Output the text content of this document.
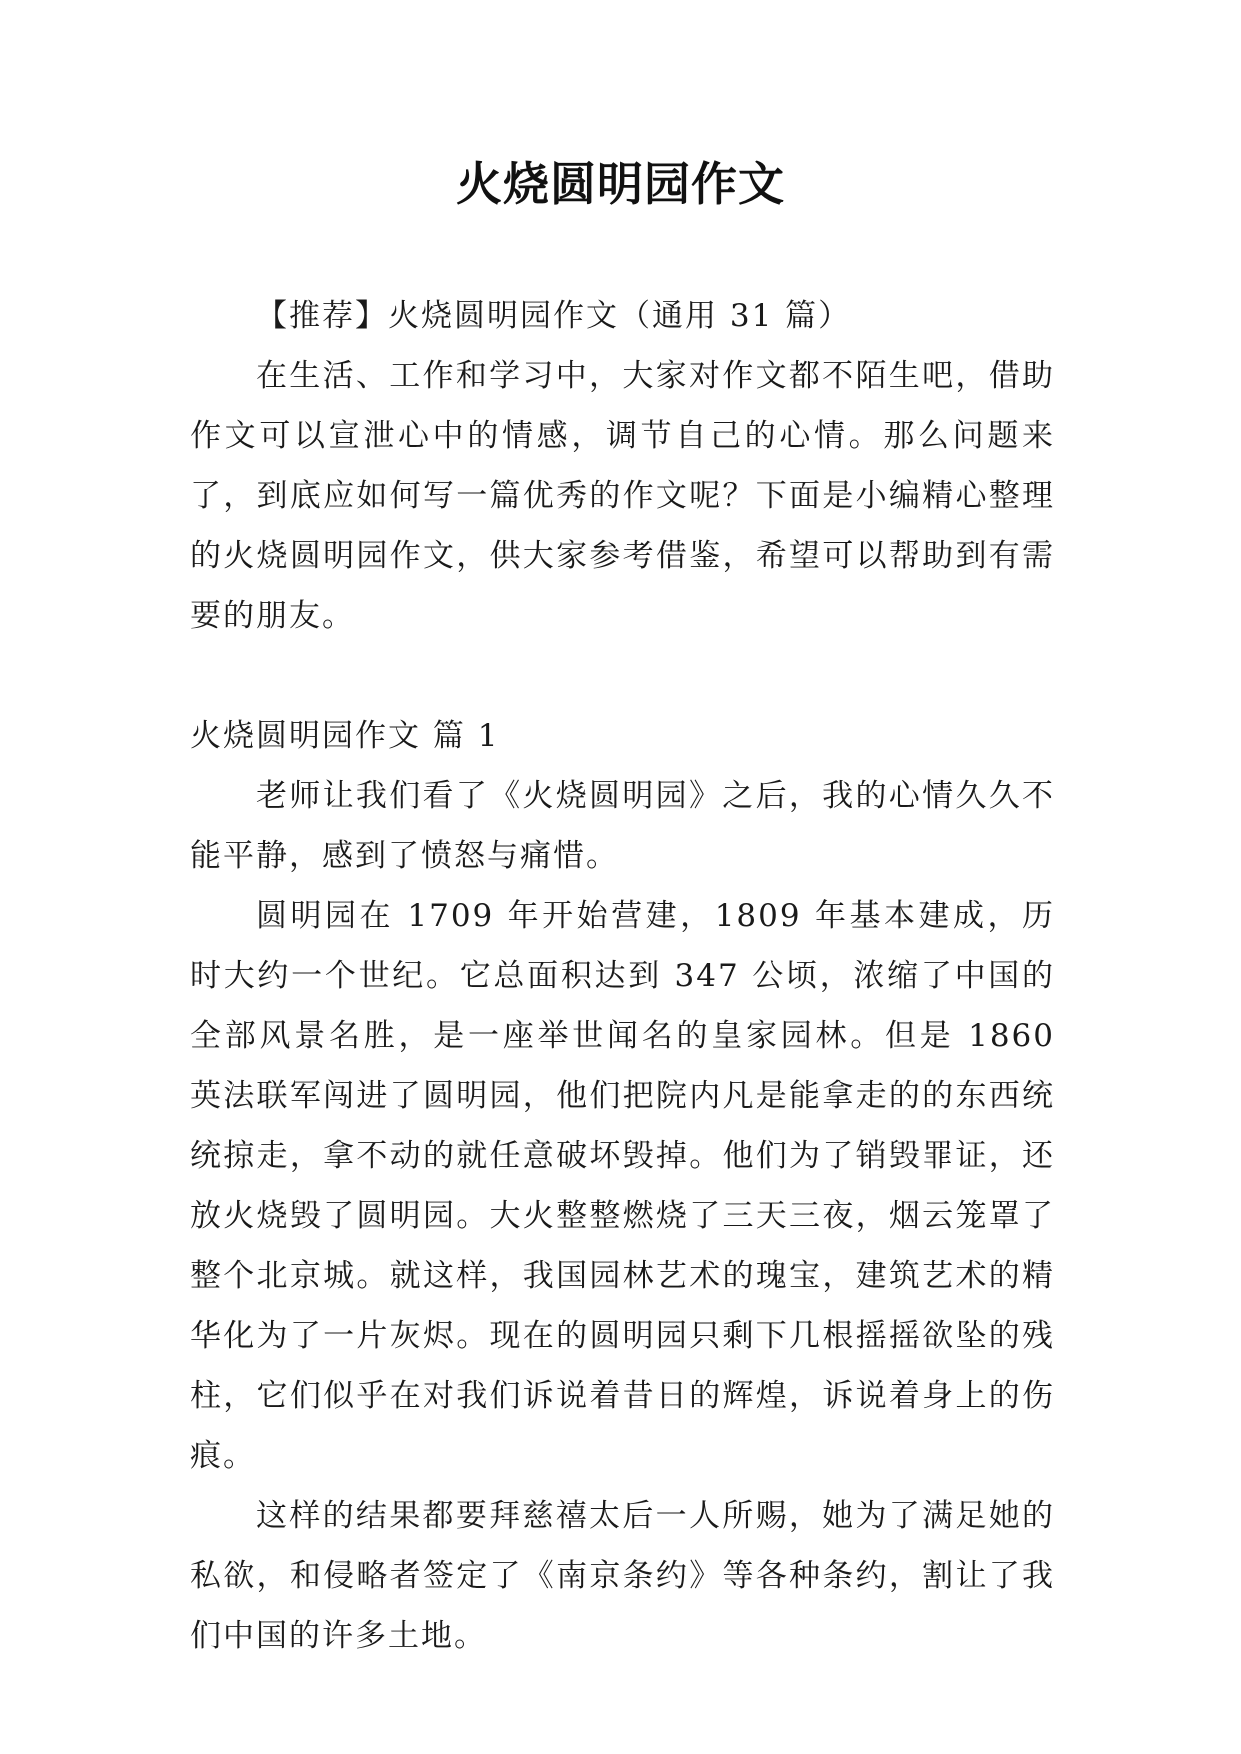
火烧圆明园作文

【推荐】火烧圆明园作文（通用 31 篇）

在生活、工作和学习中，大家对作文都不陌生吧，借助作文可以宣泄心中的情感，调节自己的心情。那么问题来了，到底应如何写一篇优秀的作文呢？下面是小编精心整理的火烧圆明园作文，供大家参考借鉴，希望可以帮助到有需要的朋友。

火烧圆明园作文 篇 1

老师让我们看了《火烧圆明园》之后，我的心情久久不能平静，感到了愤怒与痛惜。

圆明园在 1709 年开始营建，1809 年基本建成，历时大约一个世纪。它总面积达到 347 公顷，浓缩了中国的全部风景名胜，是一座举世闻名的皇家园林。但是 1860 英法联军闯进了圆明园，他们把院内凡是能拿走的的东西统统掠走，拿不动的就任意破坏毁掉。他们为了销毁罪证，还放火烧毁了圆明园。大火整整燃烧了三天三夜，烟云笼罩了整个北京城。就这样，我国园林艺术的瑰宝，建筑艺术的精华化为了一片灰烬。现在的圆明园只剩下几根摇摇欲坠的残柱，它们似乎在对我们诉说着昔日的辉煌，诉说着身上的伤痕。

这样的结果都要拜慈禧太后一人所赐，她为了满足她的私欲，和侵略者签定了《南京条约》等各种条约，割让了我们中国的许多土地。
